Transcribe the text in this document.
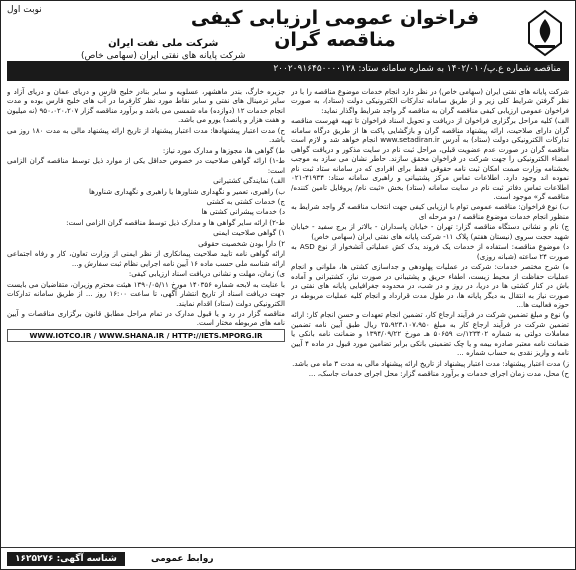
نوبت اول	فراخوان عمومی ارزیابی کیفی مناقصه گران
شرکت ملی نفت ایران
شرکت پایانه های نفتی ایران (سهامی خاص)
مناقصه شماره ع.پ/۱۴۰۲/۰۱۰ به شماره سامانه ستاد: ۲۰۰۲۰۹۱۶۴۵۰۰۰۰۱۲۸

شرکت پایانه های نفتی ایران (سهامی خاص) در نظر دارد انجام خدمات موضوع مناقصه را با در نظر گرفتن شرایط کلی زیر و از طریق سامانه تدارکات الکترونیکی دولت (ستاد)، به صورت فراخوان عمومی ارزیابی کیفی مناقصه گران به مناقصه گر واجد شرایط واگذار نماید:

الف) کلیه مراحل برگزاری فراخوان از دریافت و تحویل اسناد فراخوان تا تهیه فهرست مناقصه گران دارای صلاحیت، ارائه پیشنهاد مناقصه گران و بازگشایی پاکت ها از طریق درگاه سامانه تدارکات الکترونیکی دولت (ستاد) به آدرس www.setadiran.ir انجام خواهد شد و لازم است مناقصه گران در صورت عدم عضویت قبلی، مراحل ثبت نام در سایت مذکور و دریافت گواهی امضاء الکترونیکی را جهت شرکت در فراخوان محقق سازند. حاطر نشان می سازد به موجب بخشنامه وزارت صمت امکان ثبت نامه حقوقی فقط برای افرادی که در سامانه ستاد ثبت نام نموده اند وجود دارد. اطلاعات تماس مرکز پشتیبانی و راهبری سامانه ستاد: ۴۱۹۳۴-۰۲۱ اطلاعات تماس دفاتر ثبت نام در سایت سامانه (ستاد) بخش «ثبت نام/ پروفایل تامین کننده/مناقصه گر» موجود است.

ب) نوع فراخوان: مناقصه عمومی توام با ارزیابی کیفی جهت انتخاب مناقصه گر واجد شرایط به منظور انجام خدمات موضوع مناقصه / دو مرحله ای

ج) نام و نشانی دستگاه مناقصه گزار: تهران - خیابان پاسداران - بالاتر از برج سفید - خیابان شهید حجت سروی (نیستان هفتم) پلاک ۱۱- شرکت پایانه های نفتی ایران (سهامی خاص)

د) موضوع مناقصه: استفاده از خدمات یک فروند یدک کش عملیاتی آتشخوار از نوع ASD به صورت ۲۴ ساعته (شبانه روزی)

ه) شرح مختصر خدمات: شرکت در عملیات پهلودهی و جداسازی کشتی ها، ملوانی و انجام عملیات حفاظت از محیط زیست، اطفاء حریق و پشتیبانی در صورت نیاز، کشتیرانی و آماده باش در کنار کشتی ها در دریا، در روز و در شب، در محدوده جغرافیایی پایانه های نفتی در صورت نیاز به انتقال به دیگر پایانه ها، در طول مدت قرارداد و انجام کلیه عملیات مربوطه در حوزه فعالیت ها...

و) نوع و مبلغ تضمین شرکت در فرآیند ارجاع کار، تضمین انجام تعهدات و حسن انجام کار: ارائه تضمین شرکت در فرآیند ارجاع کار به مبلغ ۲۵،۹۲۳،۱۰۷،۹۵۰ ریال طبق آیین نامه تضمین معاملات دولتی به شماره ۱۲۳۴۰۲/ت ۵۰۶۵۹ هـ مورخ ۱۳۹۴/۰۹/۲۲ و ضمانت نامه بانکی یا ضمانت نامه معتبر صادره بیمه و یا چک تضمینی بانکی برابر تضامین مورد قبول در ماده ۴ آیین نامه و واریز نقدی به حساب شماره ...

ز) مدت اعتبار پیشنهاد: مدت اعتبار پیشنهاد از تاریخ ارائه پیشنهاد مالی به مدت ۳ ماه می باشد.

ح) محل، مدت زمان اجرای خدمات و برآورد مناقصه گزار: محل اجرای خدمات جاسک، ...

جزیره خارگ، بندر ماهشهر، عسلویه و سایر بنادر خلیج فارس و دریای عمان و دریای آزاد و سایر ترمینال های نفتی و سایر نقاط مورد نظر کارفرما در آب های خلیج فارس بوده و مدت انجام خدمات ۱۲ (دوازده) ماه شمسی می باشد و برآورد مناقصه گزار ۹۵۰،۰۲۰،۲۰۷ (نه میلیون و هفت هزار و پانصد) یورو می باشد.

ح) مدت اعتبار پیشنهادها: مدت اعتبار پیشنهاد از تاریخ ارائه پیشنهاد مالی به مدت ۱۸۰ روز می باشد.

ط) گواهی ها، مجوزها و مدارک مورد نیاز:

ط-۱) ارائه گواهی صلاحیت در خصوص حداقل یکی از موارد ذیل توسط مناقصه گران الزامی است:

الف) نمایندگی کشتیرانی

ب) راهبری، تعمیر و نگهداری شناورها یا راهبری و نگهداری شناورها

ج) خدمات کشتی به کشتی

د) خدمات پیشرانی کشتی ها

ط-۲) ارائه سایر گواهی ها و مدارک ذیل توسط مناقصه گران الزامی است:

۱) گواهی صلاحیت ایمنی

۲) دارا بودن شخصیت حقوقی

ارائه گواهی نامه تایید صلاحیت پیمانکاری از نظر ایمنی از وزارت تعاون، کار و رفاه اجتماعی ارائه شناسه ملی حسب ماده ۱۶ آیین نامه اجرایی نظام ثبت سفارش و...

ی) زمان، مهلت و نشانی دریافت اسناد ارزیابی کیفی:

با عنایت به لابحه شماره ۱۴۰۳۵۶ مورخ ۱۳۹۰/۰۵/۱۱ هیئت محترم وزیران، متقاضیان می بایست جهت دریافت اسناد از تاریخ انتشار آگهی، تا ساعت ۱۶:۰۰ روز ... از طریق سامانه تدارکات الکترونیکی دولت (ستاد) اقدام نمایند.

مناقصه گزار در رد و یا قبول مدارک در تمام مراحل مطابق قانون برگزاری مناقصات و آیین نامه های مربوطه مختار است.

WWW.IOTCO.IR / WWW.SHANA.IR / HTTP://IETS.MPORG.IR
روابط عمومی
شناسه آگهی: ۱۶۲۵۲۷۶
